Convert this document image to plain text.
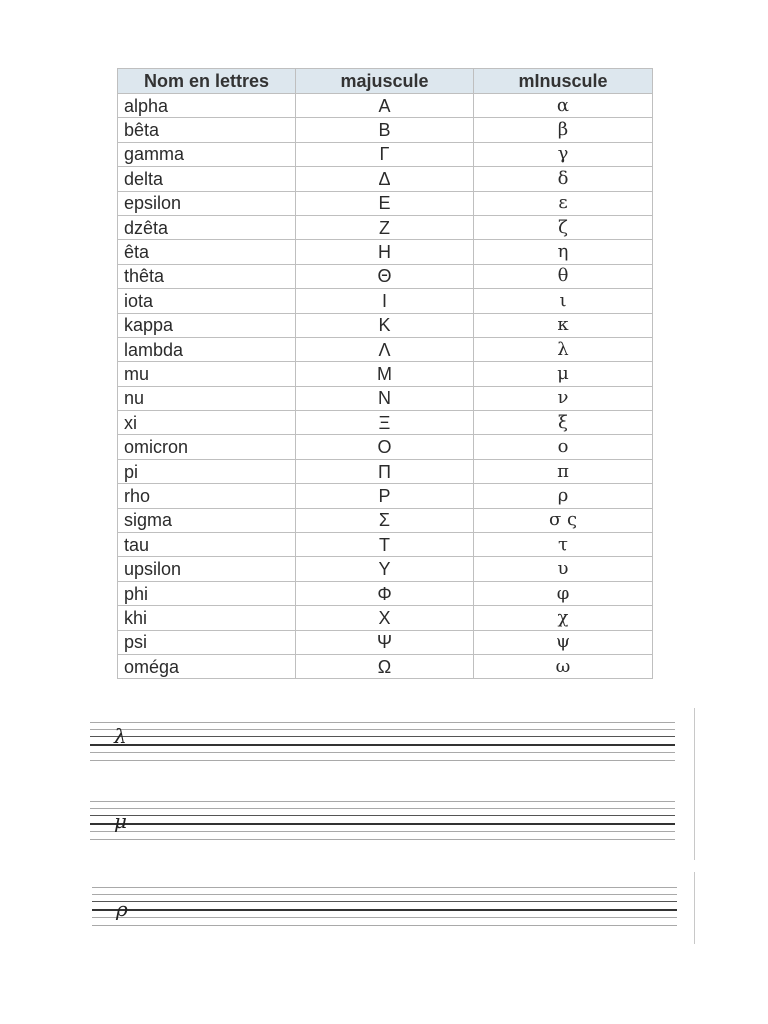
Nom en lettres	majuscule	mInuscule
alpha	Α	α
bêta	Β	β
gamma	Γ	γ
delta	Δ	δ
epsilon	Ε	ε
dzêta	Ζ	ζ
êta	Η	η
thêta	Θ	θ
iota	Ι	ι
kappa	Κ	κ
lambda	Λ	λ
mu	Μ	μ
nu	Ν	ν
xi	Ξ	ξ
omicron	Ο	ο
pi	Π	π
rho	Ρ	ρ
sigma	Σ	σ ς
tau	Τ	τ
upsilon	Υ	υ
phi	Φ	φ
khi	Χ	χ
psi	Ψ	ψ
oméga	Ω	ω
λ
μ
ρ
